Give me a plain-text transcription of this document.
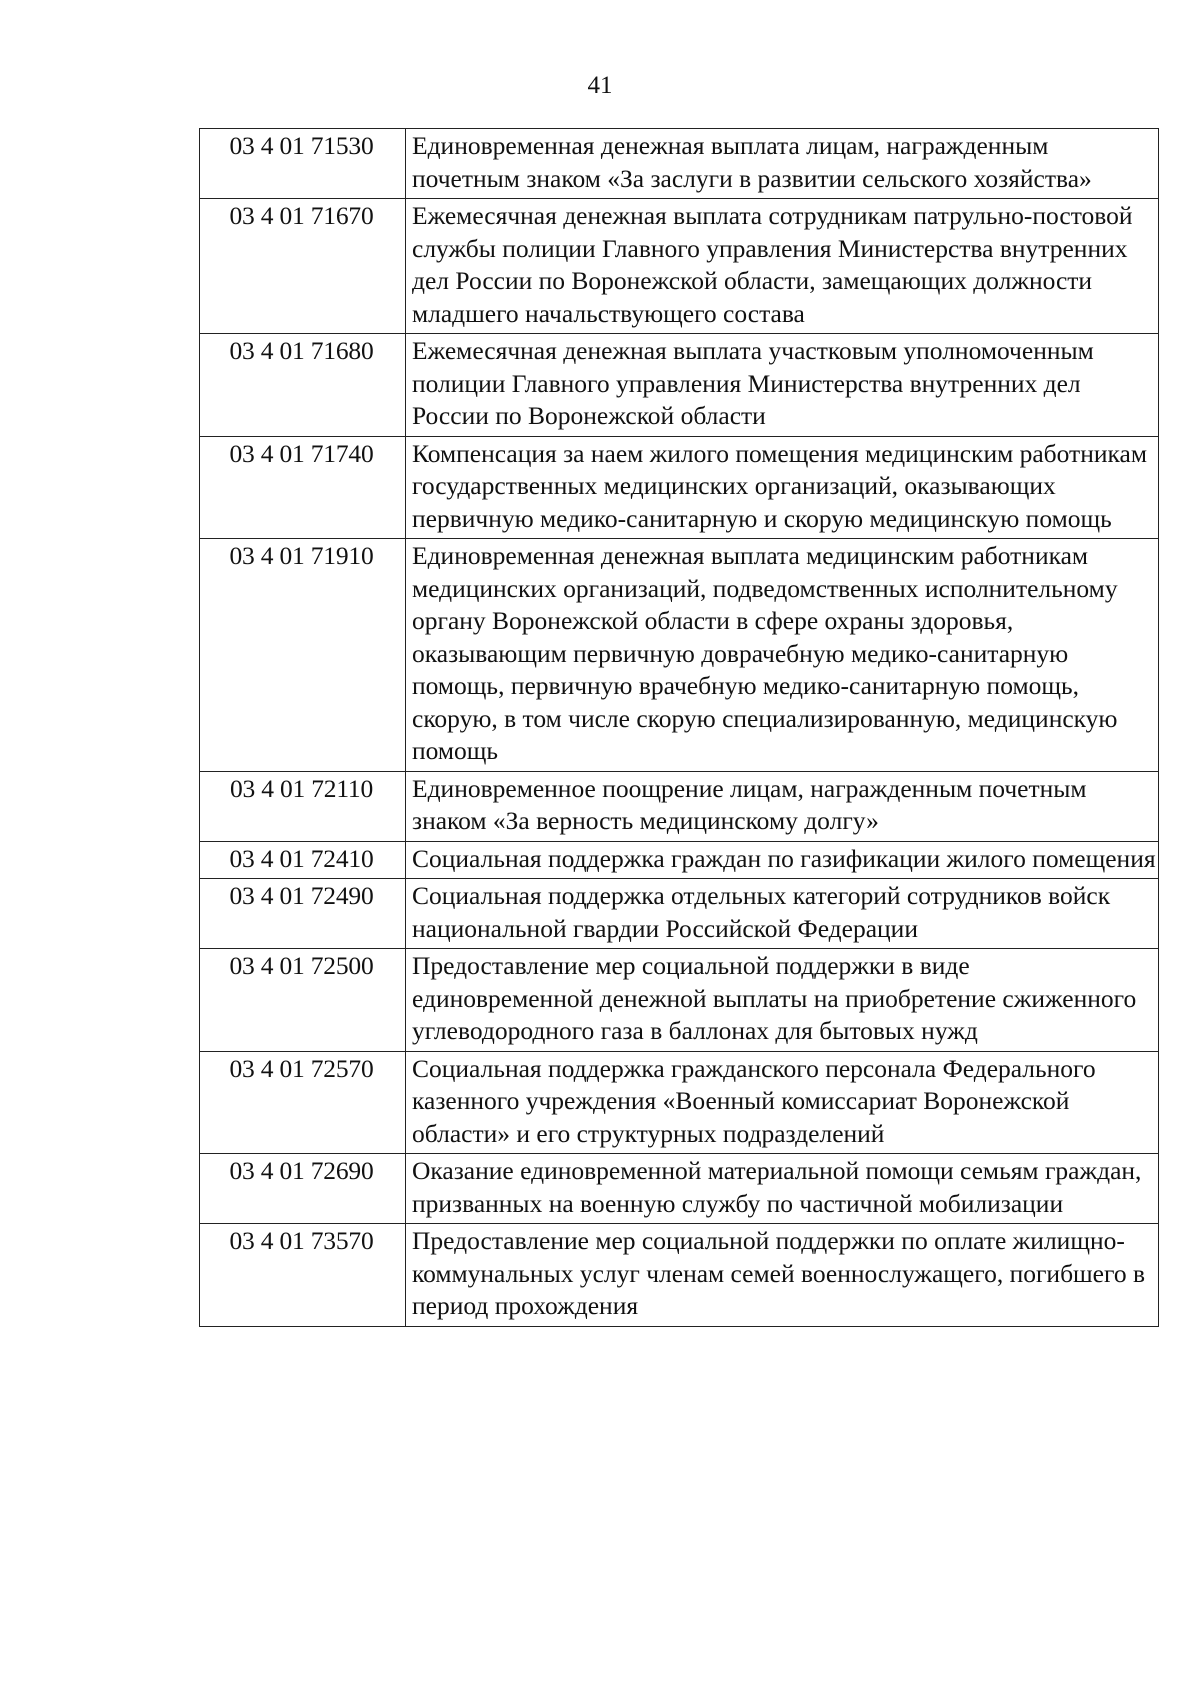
41
03 4 01 71530	Единовременная денежная выплата лицам, награжденным почетным знаком «За заслуги в развитии сельского хозяйства»
03 4 01 71670	Ежемесячная денежная выплата сотрудникам патрульно-постовой службы полиции Главного управления Министерства внутренних дел России по Воронежской области, замещающих должности младшего начальствующего состава
03 4 01 71680	Ежемесячная денежная выплата участковым уполномоченным полиции Главного управления Министерства внутренних дел России по Воронежской области
03 4 01 71740	Компенсация за наем жилого помещения медицинским работникам государственных медицинских организаций, оказывающих первичную медико-санитарную и скорую медицинскую помощь
03 4 01 71910	Единовременная денежная выплата медицинским работникам медицинских организаций, подведомственных исполнительному органу Воронежской области в сфере охраны здоровья, оказывающим первичную доврачебную медико-санитарную помощь, первичную врачебную медико-санитарную помощь, скорую, в том числе скорую специализированную, медицинскую помощь
03 4 01 72110	Единовременное поощрение лицам, награжденным почетным знаком «За верность медицинскому долгу»
03 4 01 72410	Социальная поддержка граждан по газификации жилого помещения
03 4 01 72490	Социальная поддержка отдельных категорий сотрудников войск национальной гвардии Российской Федерации
03 4 01 72500	Предоставление мер социальной поддержки в виде единовременной денежной выплаты на приобретение сжиженного углеводородного газа в баллонах для бытовых нужд
03 4 01 72570	Социальная поддержка гражданского персонала Федерального казенного учреждения «Военный комиссариат Воронежской области» и его структурных подразделений
03 4 01 72690	Оказание единовременной материальной помощи семьям граждан, призванных на военную службу по частичной мобилизации
03 4 01 73570	Предоставление мер социальной поддержки по оплате жилищно-коммунальных услуг членам семей военнослужащего, погибшего в период прохождения
